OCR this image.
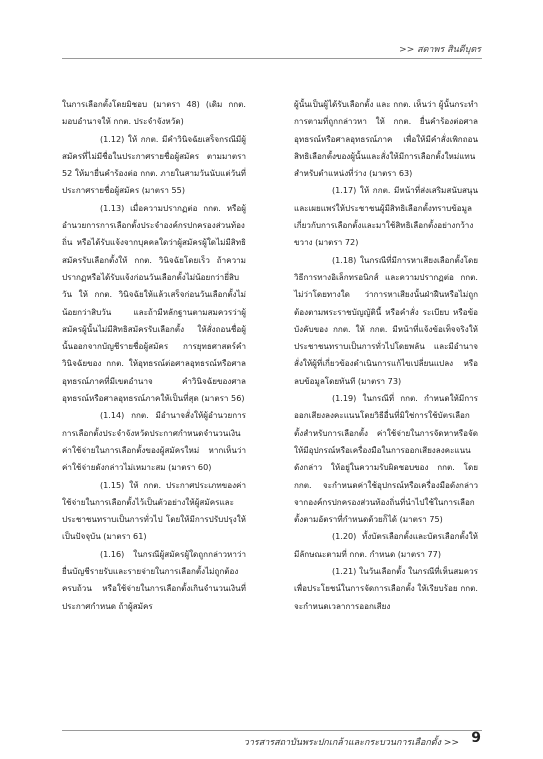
>> สดาพร สินดีบุตร

ในการเลือกตั้งโดยมิชอบ (มาตรา 48) (เดิม กกต. มอบอำนาจให้ กกต. ประจำจังหวัด)

(1.12) ให้ กกต. มีคำวินิจฉัยเสร็จกรณีมีผู้สมัครที่ไม่มีชื่อในประกาศรายชื่อผู้สมัคร ตามมาตรา 52 ให้มายื่นคำร้องต่อ กกต. ภายในสามวันนับแต่วันที่ประกาศรายชื่อผู้สมัคร (มาตรา 55)

(1.13) เมื่อความปรากฏต่อ กกต. หรือผู้อำนวยการการเลือกตั้งประจำองค์กรปกครองส่วนท้องถิ่น หรือได้รับแจ้งจากบุคคลใดว่าผู้สมัครผู้ใดไม่มีสิทธิสมัครรับเลือกตั้งให้ กกต. วินิจฉัยโดยเร็ว ถ้าความปรากฏหรือได้รับแจ้งก่อนวันเลือกตั้งไม่น้อยกว่ายี่สิบวัน ให้ กกต. วินิจฉัยให้แล้วเสร็จก่อนวันเลือกตั้งไม่น้อยกว่าสิบวัน และถ้ามีหลักฐานตามสมควรว่าผู้สมัครผู้นั้นไม่มีสิทธิสมัครรับเลือกตั้ง ให้สั่งถอนชื่อผู้นั้นออกจากบัญชีรายชื่อผู้สมัคร การยุทธศาสตร์คำวินิจฉัยของ กกต. ให้อุทธรณ์ต่อศาลอุทธรณ์หรือศาลอุทธรณ์ภาคที่มีเขตอำนาจ คำวินิจฉัยของศาลอุทธรณ์หรือศาลอุทธรณ์ภาคให้เป็นที่สุด (มาตรา 56)

(1.14) กกต. มีอำนาจสั่งให้ผู้อำนวยการการเลือกตั้งประจำจังหวัดประกาศกำหนดจำนวนเงินค่าใช้จ่ายในการเลือกตั้งของผู้สมัครใหม่ หากเห็นว่าค่าใช้จ่ายดังกล่าวไม่เหมาะสม (มาตรา 60)

(1.15) ให้ กกต. ประกาศประเภทของค่าใช้จ่ายในการเลือกตั้งไว้เป็นตัวอย่างให้ผู้สมัครและประชาชนทราบเป็นการทั่วไป โดยให้มีการปรับปรุงให้เป็นปัจจุบัน (มาตรา 61)

(1.16) ในกรณีผู้สมัครผู้ใดถูกกล่าวหาว่า ยื่นบัญชีรายรับและรายจ่ายในการเลือกตั้งไม่ถูกต้องครบถ้วน หรือใช้จ่ายในการเลือกตั้งเกินจำนวนเงินที่ประกาศกำหนด ถ้าผู้สมัคร

ผู้นั้นเป็นผู้ได้รับเลือกตั้ง และ กกต. เห็นว่า ผู้นั้นกระทำการตามที่ถูกกล่าวหา ให้ กกต. ยื่นคำร้องต่อศาลอุทธรณ์หรือศาลอุทธรณ์ภาค เพื่อให้มีคำสั่งเพิกถอนสิทธิเลือกตั้งของผู้นั้นและสั่งให้มีการเลือกตั้งใหม่แทนสำหรับตำแหน่งที่ว่าง (มาตรา 63)

(1.17) ให้ กกต. มีหน้าที่ส่งเสริมสนับสนุนและเผยแพร่ให้ประชาชนผู้มีสิทธิเลือกตั้งทราบข้อมูลเกี่ยวกับการเลือกตั้งและมาใช้สิทธิเลือกตั้งอย่างกว้างขวาง (มาตรา 72)

(1.18) ในกรณีที่มีการหาเสียงเลือกตั้งโดยวิธีการทางอิเล็กทรอนิกส์ และความปรากฏต่อ กกต. ไม่ว่าโดยทางใด ว่าการหาเสียงนั้นฝ่าฝืนหรือไม่ถูกต้องตามพระราชบัญญัตินี้ หรือคำสั่ง ระเบียบ หรือข้อบังคับของ กกต. ให้ กกต. มีหน้าที่แจ้งข้อเท็จจริงให้ประชาชนทราบเป็นการทั่วไปโดยพลัน และมีอำนาจสั่งให้ผู้ที่เกี่ยวข้องดำเนินการแก้ไขเปลี่ยนแปลง หรือลบข้อมูลโดยทันที (มาตรา 73)

(1.19) ในกรณีที่ กกต. กำหนดให้มีการออกเสียงลงคะแนนโดยวิธีอื่นที่มิใช่การใช้บัตรเลือกตั้งสำหรับการเลือกตั้ง ค่าใช้จ่ายในการจัดหาหรือจัดให้มีอุปกรณ์หรือเครื่องมือในการออกเสียงลงคะแนนดังกล่าว ให้อยู่ในความรับผิดชอบของ กกต. โดย กกต. จะกำหนดค่าใช้อุปกรณ์หรือเครื่องมือดังกล่าวจากองค์กรปกครองส่วนท้องถิ่นที่นำไปใช้ในการเลือกตั้งตามอัตราที่กำหนดด้วยก็ได้ (มาตรา 75)

(1.20) ทั้งบัตรเลือกตั้งและบัตรเลือกตั้งให้มีลักษณะตามที่ กกต. กำหนด (มาตรา 77)

(1.21) ในวันเลือกตั้ง ในกรณีที่เห็นสมควรเพื่อประโยชน์ในการจัดการเลือกตั้ง ให้เรียบร้อย กกต. จะกำหนดเวลาการออกเสียง

วารสารสถาบันพระปกเกล้าและกระบวนการเลือกตั้ง >> 9
